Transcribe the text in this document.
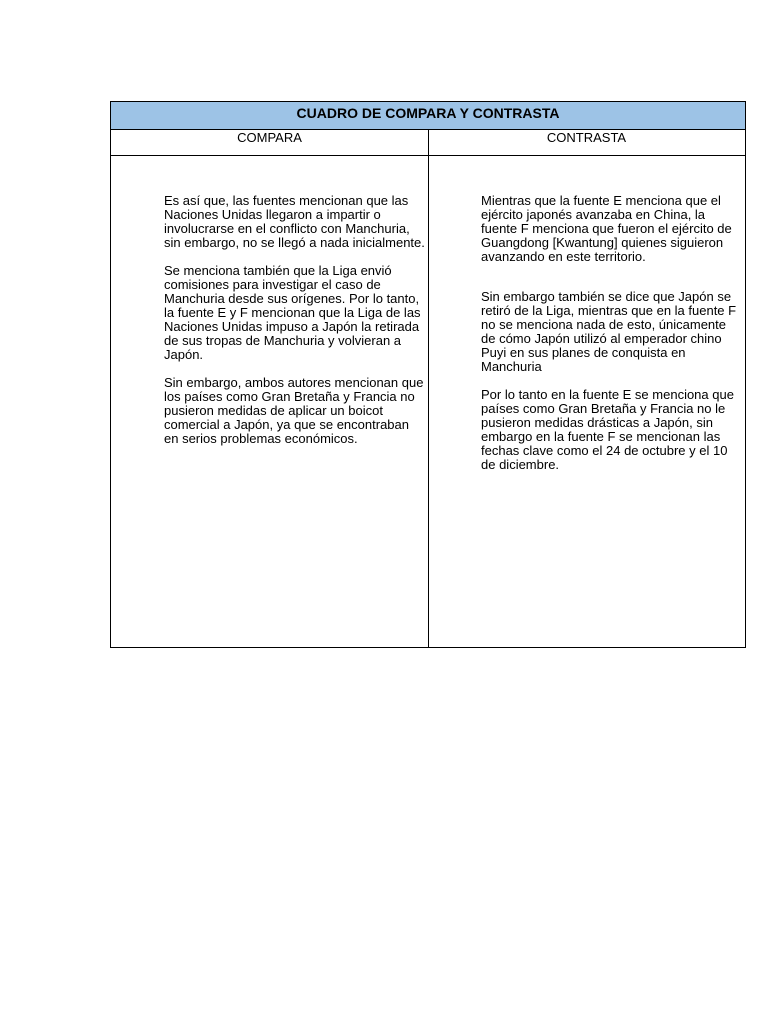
CUADRO DE COMPARA Y CONTRASTA
COMPARA	CONTRASTA

Es así que, las fuentes mencionan que las Naciones Unidas llegaron a impartir o involucrarse en el conflicto con Manchuria, sin embargo, no se llegó a nada inicialmente.

Se menciona también que la Liga envió comisiones para investigar el caso de Manchuria desde sus orígenes. Por lo tanto, la fuente E y F mencionan que la Liga de las Naciones Unidas impuso a Japón la retirada de sus tropas de Manchuria y volvieran a Japón.

Sin embargo, ambos autores mencionan que los países como Gran Bretaña y Francia no pusieron medidas de aplicar un boicot comercial a Japón, ya que se encontraban en serios problemas económicos.

Mientras que la fuente E menciona que el ejército japonés avanzaba en China, la fuente F menciona que fueron el ejército de Guangdong [Kwantung] quienes siguieron avanzando en este territorio.

Sin embargo también se dice que Japón se retiró de la Liga, mientras que en la fuente F no se menciona nada de esto, únicamente de cómo Japón utilizó al emperador chino Puyi en sus planes de conquista en Manchuria

Por lo tanto en la fuente E se menciona que países como Gran Bretaña y Francia no le pusieron medidas drásticas a Japón, sin embargo en la fuente F se mencionan las fechas clave como el 24 de octubre y el 10 de diciembre.
